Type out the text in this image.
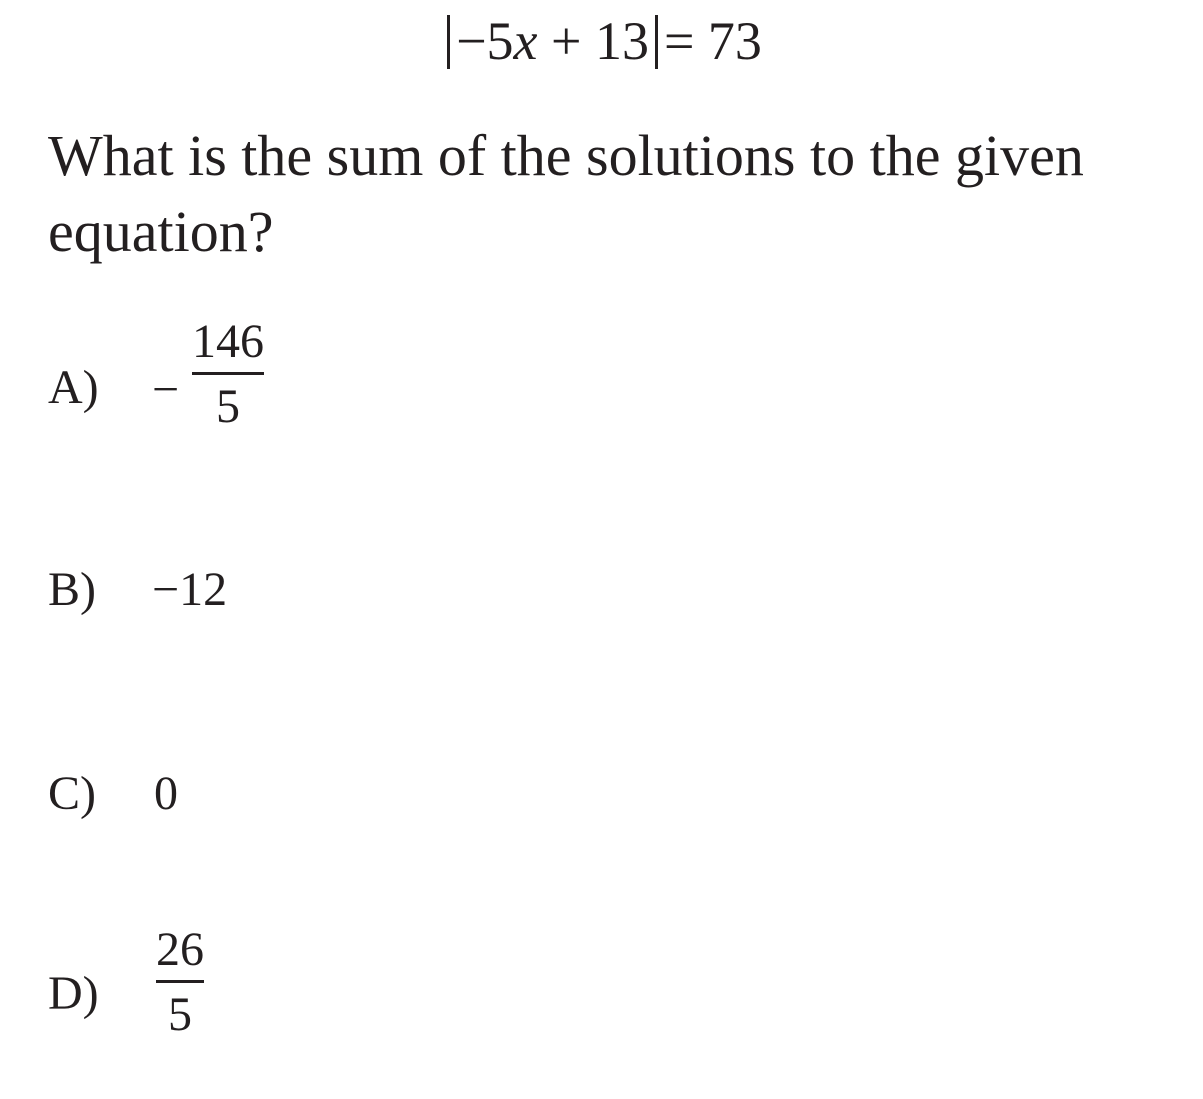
−5x + 13 = 73
What is the sum of the solutions to the given equation?
A) −
146
5
B) −12
C) 0
D)
26
5
